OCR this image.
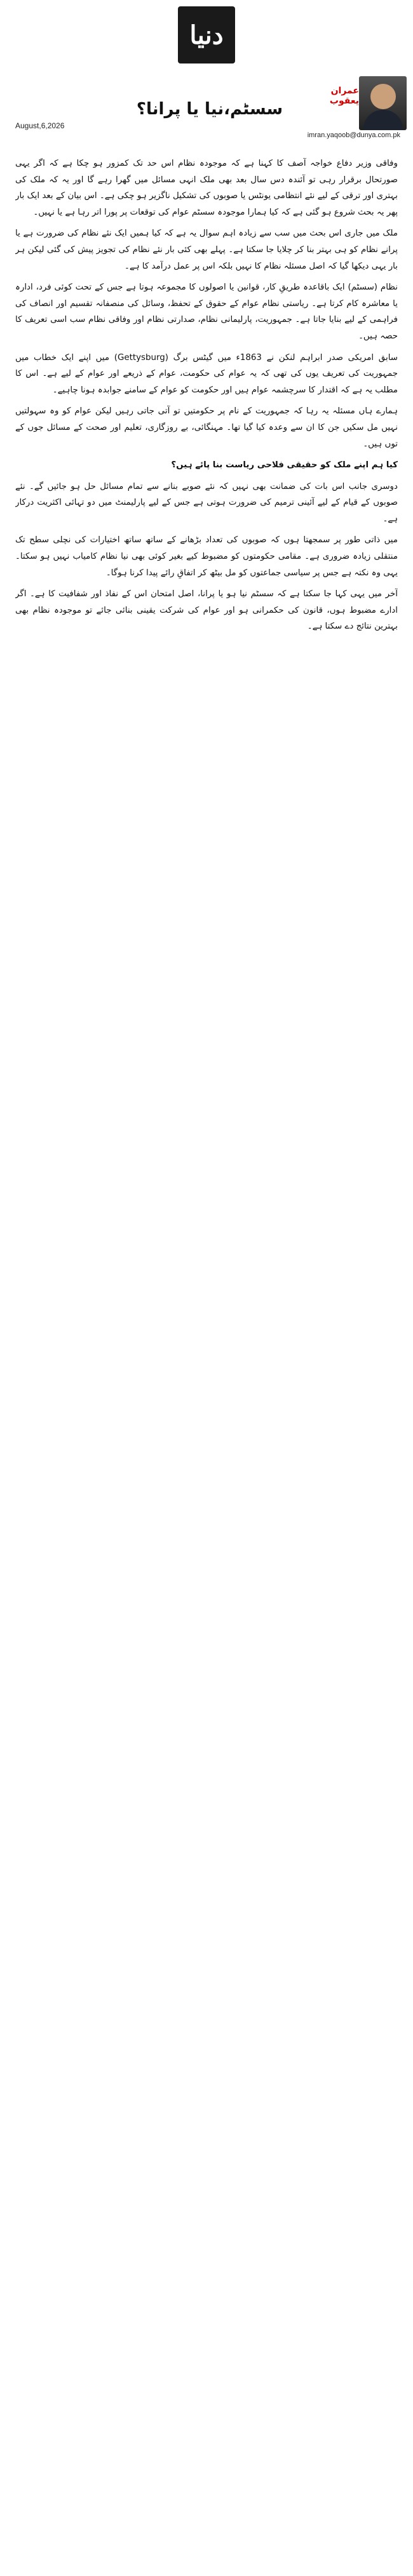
دنیا
August,6,2026
سسٹم،نیا یا پرانا؟
عمران یعقوب
imran.yaqoob@dunya.com.pk

وفاقی وزیر دفاع خواجہ آصف کا کہنا ہے کہ موجودہ نظام اس حد تک کمزور ہو چکا ہے کہ اگر یہی صورتحال برقرار رہی تو آئندہ دس سال بعد بھی ملک انہی مسائل میں گھرا رہے گا اور یہ کہ ملک کی بہتری اور ترقی کے لیے نئے انتظامی یونٹس یا صوبوں کی تشکیل ناگزیر ہو چکی ہے۔ اس بیان کے بعد ایک بار پھر یہ بحث شروع ہو گئی ہے کہ کیا ہمارا موجودہ سسٹم عوام کی توقعات پر پورا اتر رہا ہے یا نہیں۔

ملک میں جاری اس بحث میں سب سے زیادہ اہم سوال یہ ہے کہ کیا ہمیں ایک نئے نظام کی ضرورت ہے یا پرانے نظام کو ہی بہتر بنا کر چلایا جا سکتا ہے۔ پہلے بھی کئی بار نئے نظام کی تجویز پیش کی گئی لیکن ہر بار یہی دیکھا گیا کہ اصل مسئلہ نظام کا نہیں بلکہ اس پر عمل درآمد کا ہے۔

نظام (سسٹم) ایک باقاعدہ طریقِ کار، قوانین یا اصولوں کا مجموعہ ہوتا ہے جس کے تحت کوئی فرد، ادارہ یا معاشرہ کام کرتا ہے۔ ریاستی نظام عوام کے حقوق کے تحفظ، وسائل کی منصفانہ تقسیم اور انصاف کی فراہمی کے لیے بنایا جاتا ہے۔ جمہوریت، پارلیمانی نظام، صدارتی نظام اور وفاقی نظام سب اسی تعریف کا حصہ ہیں۔

سابق امریکی صدر ابراہم لنکن نے 1863ء میں گیٹس برگ (Gettysburg) میں اپنے ایک خطاب میں جمہوریت کی تعریف یوں کی تھی کہ یہ عوام کی حکومت، عوام کے ذریعے اور عوام کے لیے ہے۔ اس کا مطلب یہ ہے کہ اقتدار کا سرچشمہ عوام ہیں اور حکومت کو عوام کے سامنے جوابدہ ہونا چاہیے۔

ہمارے ہاں مسئلہ یہ رہا کہ جمہوریت کے نام پر حکومتیں تو آتی جاتی رہیں لیکن عوام کو وہ سہولتیں نہیں مل سکیں جن کا ان سے وعدہ کیا گیا تھا۔ مہنگائی، بے روزگاری، تعلیم اور صحت کے مسائل جوں کے توں ہیں۔

کیا ہم اپنے ملک کو حقیقی فلاحی ریاست بنا پائے ہیں؟

دوسری جانب اس بات کی ضمانت بھی نہیں کہ نئے صوبے بنانے سے تمام مسائل حل ہو جائیں گے۔ نئے صوبوں کے قیام کے لیے آئینی ترمیم کی ضرورت ہوتی ہے جس کے لیے پارلیمنٹ میں دو تہائی اکثریت درکار ہے۔

میں ذاتی طور پر سمجھتا ہوں کہ صوبوں کی تعداد بڑھانے کے ساتھ ساتھ اختیارات کی نچلی سطح تک منتقلی زیادہ ضروری ہے۔ مقامی حکومتوں کو مضبوط کیے بغیر کوئی بھی نیا نظام کامیاب نہیں ہو سکتا۔ یہی وہ نکتہ ہے جس پر سیاسی جماعتوں کو مل بیٹھ کر اتفاقِ رائے پیدا کرنا ہوگا۔

آخر میں یہی کہا جا سکتا ہے کہ سسٹم نیا ہو یا پرانا، اصل امتحان اس کے نفاذ اور شفافیت کا ہے۔ اگر ادارے مضبوط ہوں، قانون کی حکمرانی ہو اور عوام کی شرکت یقینی بنائی جائے تو موجودہ نظام بھی بہترین نتائج دے سکتا ہے۔
